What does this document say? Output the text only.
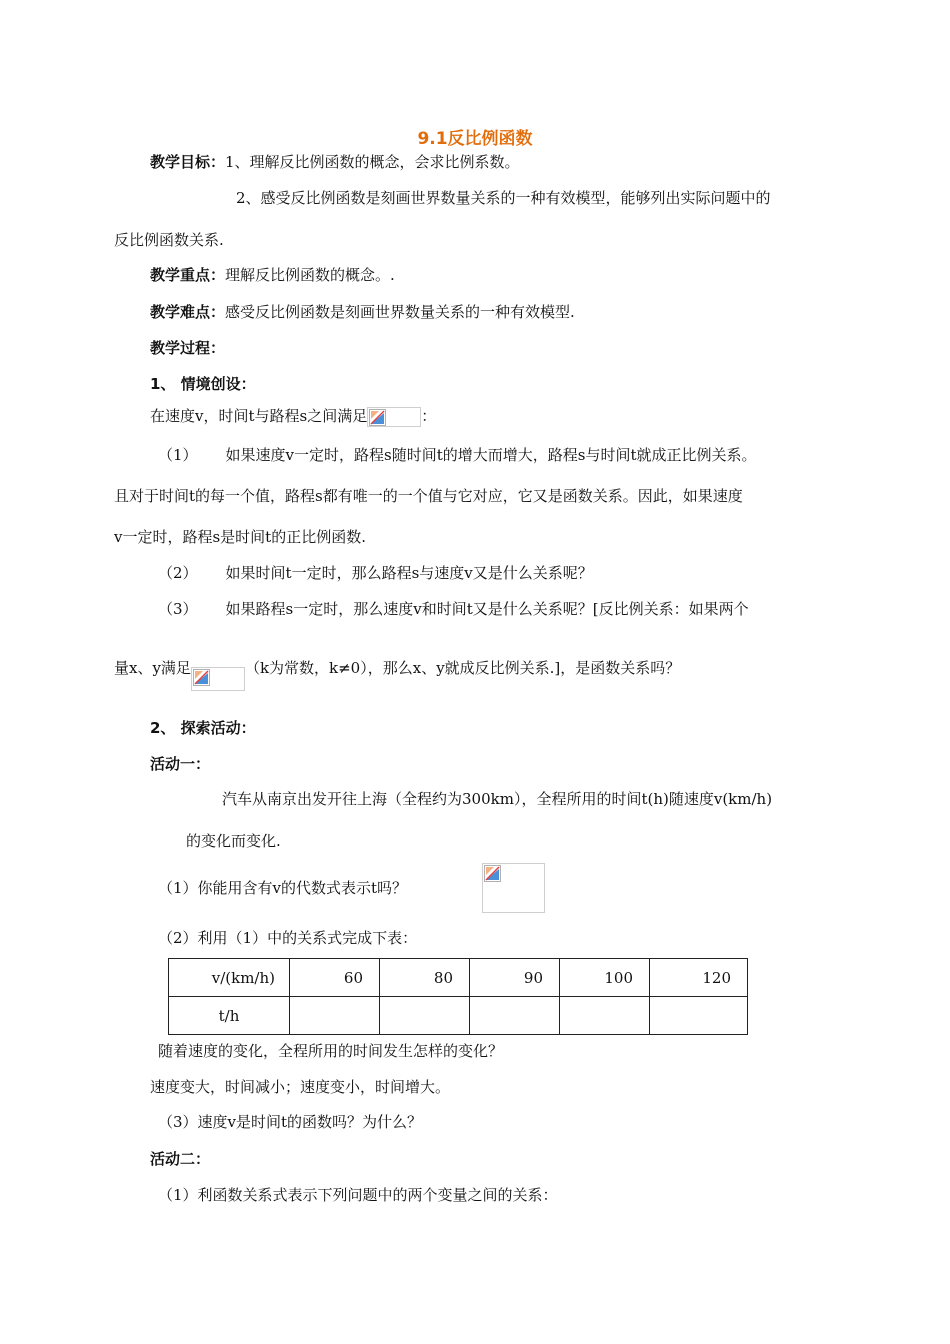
9.1反比例函数
教学目标：1、理解反比例函数的概念，会求比例系数。
2、感受反比例函数是刻画世界数量关系的一种有效模型，能够列出实际问题中的
反比例函数关系.
教学重点：理解反比例函数的概念。.
教学难点：感受反比例函数是刻画世界数量关系的一种有效模型.
教学过程：
1、 情境创设：
在速度v，时间t与路程s之间满足	：
（1） 如果速度v一定时，路程s随时间t的增大而增大，路程s与时间t就成正比例关系。
且对于时间t的每一个值，路程s都有唯一的一个值与它对应，它又是函数关系。因此，如果速度
v一定时，路程s是时间t的正比例函数.
（2） 如果时间t一定时，那么路程s与速度v又是什么关系呢？
（3） 如果路程s一定时，那么速度v和时间t又是什么关系呢？[反比例关系：如果两个
量x、y满足	（k为常数，k≠0），那么x、y就成反比例关系.]，是函数关系吗？
2、 探索活动：
活动一：
汽车从南京出发开往上海（全程约为300km），全程所用的时间t(h)随速度v(km/h)
的变化而变化.
（1）你能用含有v的代数式表示t吗？
（2）利用（1）中的关系式完成下表：
v/(km/h)	60	80	90	100	120
t/h					
随着速度的变化，全程所用的时间发生怎样的变化？
速度变大，时间减小；速度变小，时间增大。
（3）速度v是时间t的函数吗？为什么？
活动二：
（1）利函数关系式表示下列问题中的两个变量之间的关系：
